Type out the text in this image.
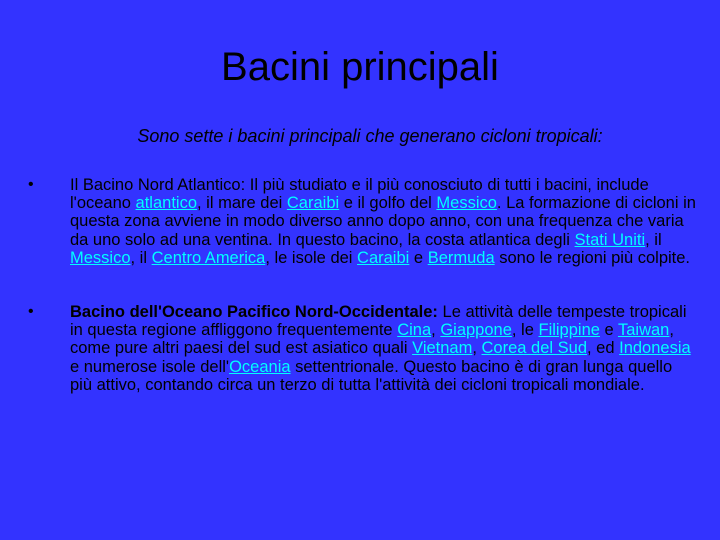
Bacini principali

Sono sette i bacini principali che generano cicloni tropicali:

• Il Bacino Nord Atlantico: Il più studiato e il più conosciuto di tutti i bacini, include l'oceano atlantico, il mare dei Caraibi e il golfo del Messico. La formazione di cicloni in questa zona avviene in modo diverso anno dopo anno, con una frequenza che varia da uno solo ad una ventina. In questo bacino, la costa atlantica degli Stati Uniti, il Messico, il Centro America, le isole dei Caraibi e Bermuda sono le regioni più colpite.
• Bacino dell'Oceano Pacifico Nord-Occidentale: Le attività delle tempeste tropicali in questa regione affliggono frequentemente Cina, Giappone, le Filippine e Taiwan, come pure altri paesi del sud est asiatico quali Vietnam, Corea del Sud, ed Indonesia e numerose isole dell'Oceania settentrionale. Questo bacino è di gran lunga quello più attivo, contando circa un terzo di tutta l'attività dei cicloni tropicali mondiale.
